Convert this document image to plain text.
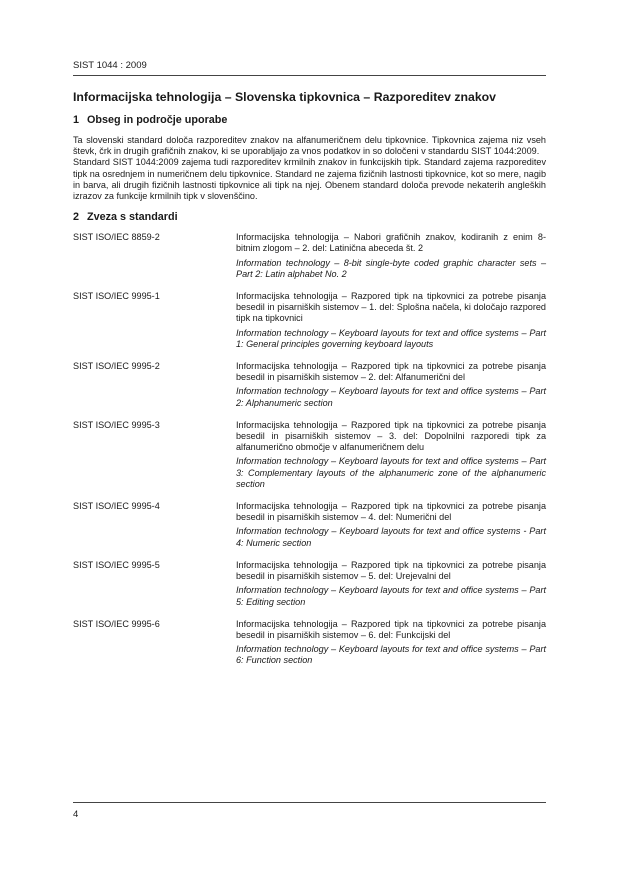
SIST 1044 : 2009
Informacijska tehnologija – Slovenska tipkovnica – Razporeditev znakov
1 Obseg in področje uporabe

Ta slovenski standard določa razporeditev znakov na alfanumeričnem delu tipkovnice. Tipkovnica zajema niz vseh števk, črk in drugih grafičnih znakov, ki se uporabljajo za vnos podatkov in so določeni v standardu SIST 1044:2009.

Standard SIST 1044:2009 zajema tudi razporeditev krmilnih znakov in funkcijskih tipk. Standard zajema razporeditev tipk na osrednjem in numeričnem delu tipkovnice. Standard ne zajema fizičnih lastnosti tipkovnice, kot so mere, nagib in barva, ali drugih fizičnih lastnosti tipkovnice ali tipk na njej. Obenem standard določa prevode nekaterih angleških izrazov za funkcije krmilnih tipk v slovenščino.

2 Zveza s standardi
SIST ISO/IEC 8859-2	Informacijska tehnologija – Nabori grafičnih znakov, kodiranih z enim 8-bitnim zlogom – 2. del: Latinična abeceda št. 2

Information technology – 8-bit single-byte coded graphic character sets – Part 2: Latin alphabet No. 2

SIST ISO/IEC 9995-1	Informacijska tehnologija – Razpored tipk na tipkovnici za potrebe pisanja besedil in pisarniških sistemov – 1. del: Splošna načela, ki določajo razpored tipk na tipkovnici

Information technology – Keyboard layouts for text and office systems – Part 1: General principles governing keyboard layouts

SIST ISO/IEC 9995-2	Informacijska tehnologija – Razpored tipk na tipkovnici za potrebe pisanja besedil in pisarniških sistemov – 2. del: Alfanumerični del

Information technology – Keyboard layouts for text and office systems – Part 2: Alphanumeric section

SIST ISO/IEC 9995-3	Informacijska tehnologija – Razpored tipk na tipkovnici za potrebe pisanja besedil in pisarniških sistemov – 3. del: Dopolnilni razporedi tipk za alfanumerično območje v alfanumeričnem delu

Information technology – Keyboard layouts for text and office systems – Part 3: Complementary layouts of the alphanumeric zone of the alphanumeric section

SIST ISO/IEC 9995-4	Informacijska tehnologija – Razpored tipk na tipkovnici za potrebe pisanja besedil in pisarniških sistemov – 4. del: Numerični del

Information technology – Keyboard layouts for text and office systems - Part 4: Numeric section

SIST ISO/IEC 9995-5	Informacijska tehnologija – Razpored tipk na tipkovnici za potrebe pisanja besedil in pisarniških sistemov – 5. del: Urejevalni del

Information technology – Keyboard layouts for text and office systems – Part 5: Editing section

SIST ISO/IEC 9995-6	Informacijska tehnologija – Razpored tipk na tipkovnici za potrebe pisanja besedil in pisarniških sistemov – 6. del: Funkcijski del

Information technology – Keyboard layouts for text and office systems – Part 6: Function section

4
